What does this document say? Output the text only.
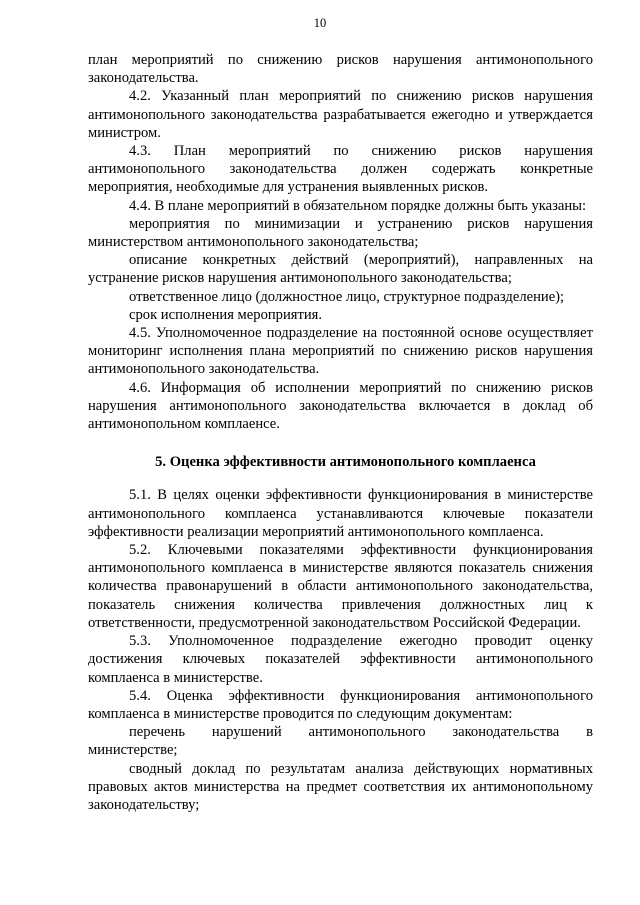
10

план мероприятий по снижению рисков нарушения антимонопольного законодательства.

4.2. Указанный план мероприятий по снижению рисков нарушения антимонопольного законодательства разрабатывается ежегодно и утверждается министром.

4.3. План мероприятий по снижению рисков нарушения антимонопольного законодательства должен содержать конкретные мероприятия, необходимые для устранения выявленных рисков.

4.4. В плане мероприятий в обязательном порядке должны быть указаны:

мероприятия по минимизации и устранению рисков нарушения министерством антимонопольного законодательства;

описание конкретных действий (мероприятий), направленных на устранение рисков нарушения антимонопольного законодательства;

ответственное лицо (должностное лицо, структурное подразделение);

срок исполнения мероприятия.

4.5. Уполномоченное подразделение на постоянной основе осуществляет мониторинг исполнения плана мероприятий по снижению рисков нарушения антимонопольного законодательства.

4.6. Информация об исполнении мероприятий по снижению рисков нарушения антимонопольного законодательства включается в доклад об антимонопольном комплаенсе.

5. Оценка эффективности антимонопольного комплаенса

5.1. В целях оценки эффективности функционирования в министерстве антимонопольного комплаенса устанавливаются ключевые показатели эффективности реализации мероприятий антимонопольного комплаенса.

5.2. Ключевыми показателями эффективности функционирования антимонопольного комплаенса в министерстве являются показатель снижения количества правонарушений в области антимонопольного законодательства, показатель снижения количества привлечения должностных лиц к ответственности, предусмотренной законодательством Российской Федерации.

5.3. Уполномоченное подразделение ежегодно проводит оценку достижения ключевых показателей эффективности антимонопольного комплаенса в министерстве.

5.4. Оценка эффективности функционирования антимонопольного комплаенса в министерстве проводится по следующим документам:

перечень нарушений антимонопольного законодательства в министерстве;

сводный доклад по результатам анализа действующих нормативных правовых актов министерства на предмет соответствия их антимонопольному законодательству;
